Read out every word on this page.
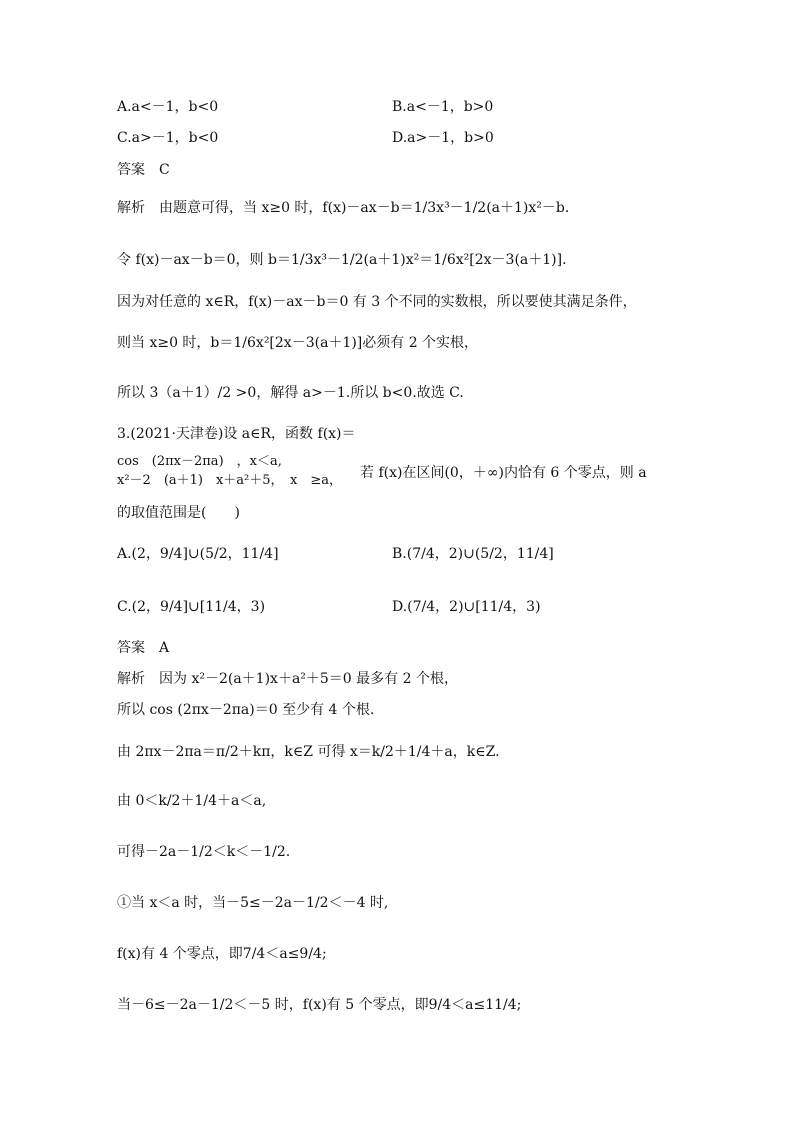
A.a<－1，b<0	B.a<－1，b>0
C.a>－1，b<0	D.a>－1，b>0
答案　C
解析　由题意可得，当 x≥0 时，f(x)－ax－b＝1/3x³－1/2(a＋1)x²－b.
令 f(x)－ax－b＝0，则 b＝1/3x³－1/2(a＋1)x²＝1/6x²[2x－3(a＋1)].
因为对任意的 x∈R，f(x)－ax－b＝0 有 3 个不同的实数根，所以要使其满足条件，
则当 x≥0 时，b＝1/6x²[2x－3(a＋1)]必须有 2 个实根，
所以 3（a＋1）/2 >0，解得 a>－1.所以 b<0.故选 C.
3.(2021·天津卷)设 a∈R，函数 f(x)＝
cos　(2πx－2πa)　，x＜a,
x²－2　(a＋1)　x＋a²＋5，　x　≥a， 若 f(x)在区间(0，＋∞)内恰有 6 个零点，则 a
的取值范围是(　　)
A.(2，9/4]∪(5/2，11/4]	B.(7/4，2)∪(5/2，11/4]
C.(2，9/4]∪[11/4，3)	D.(7/4，2)∪[11/4，3)
答案　A
解析　因为 x²－2(a＋1)x＋a²＋5＝0 最多有 2 个根，
所以 cos (2πx－2πa)＝0 至少有 4 个根.
由 2πx－2πa＝π/2＋kπ，k∈Z 可得 x＝k/2＋1/4＋a，k∈Z.
由 0＜k/2＋1/4＋a＜a,
可得－2a－1/2＜k＜－1/2.
①当 x＜a 时，当－5≤－2a－1/2＜－4 时,
f(x)有 4 个零点，即7/4＜a≤9/4;
当－6≤－2a－1/2＜－5 时，f(x)有 5 个零点，即9/4＜a≤11/4;
